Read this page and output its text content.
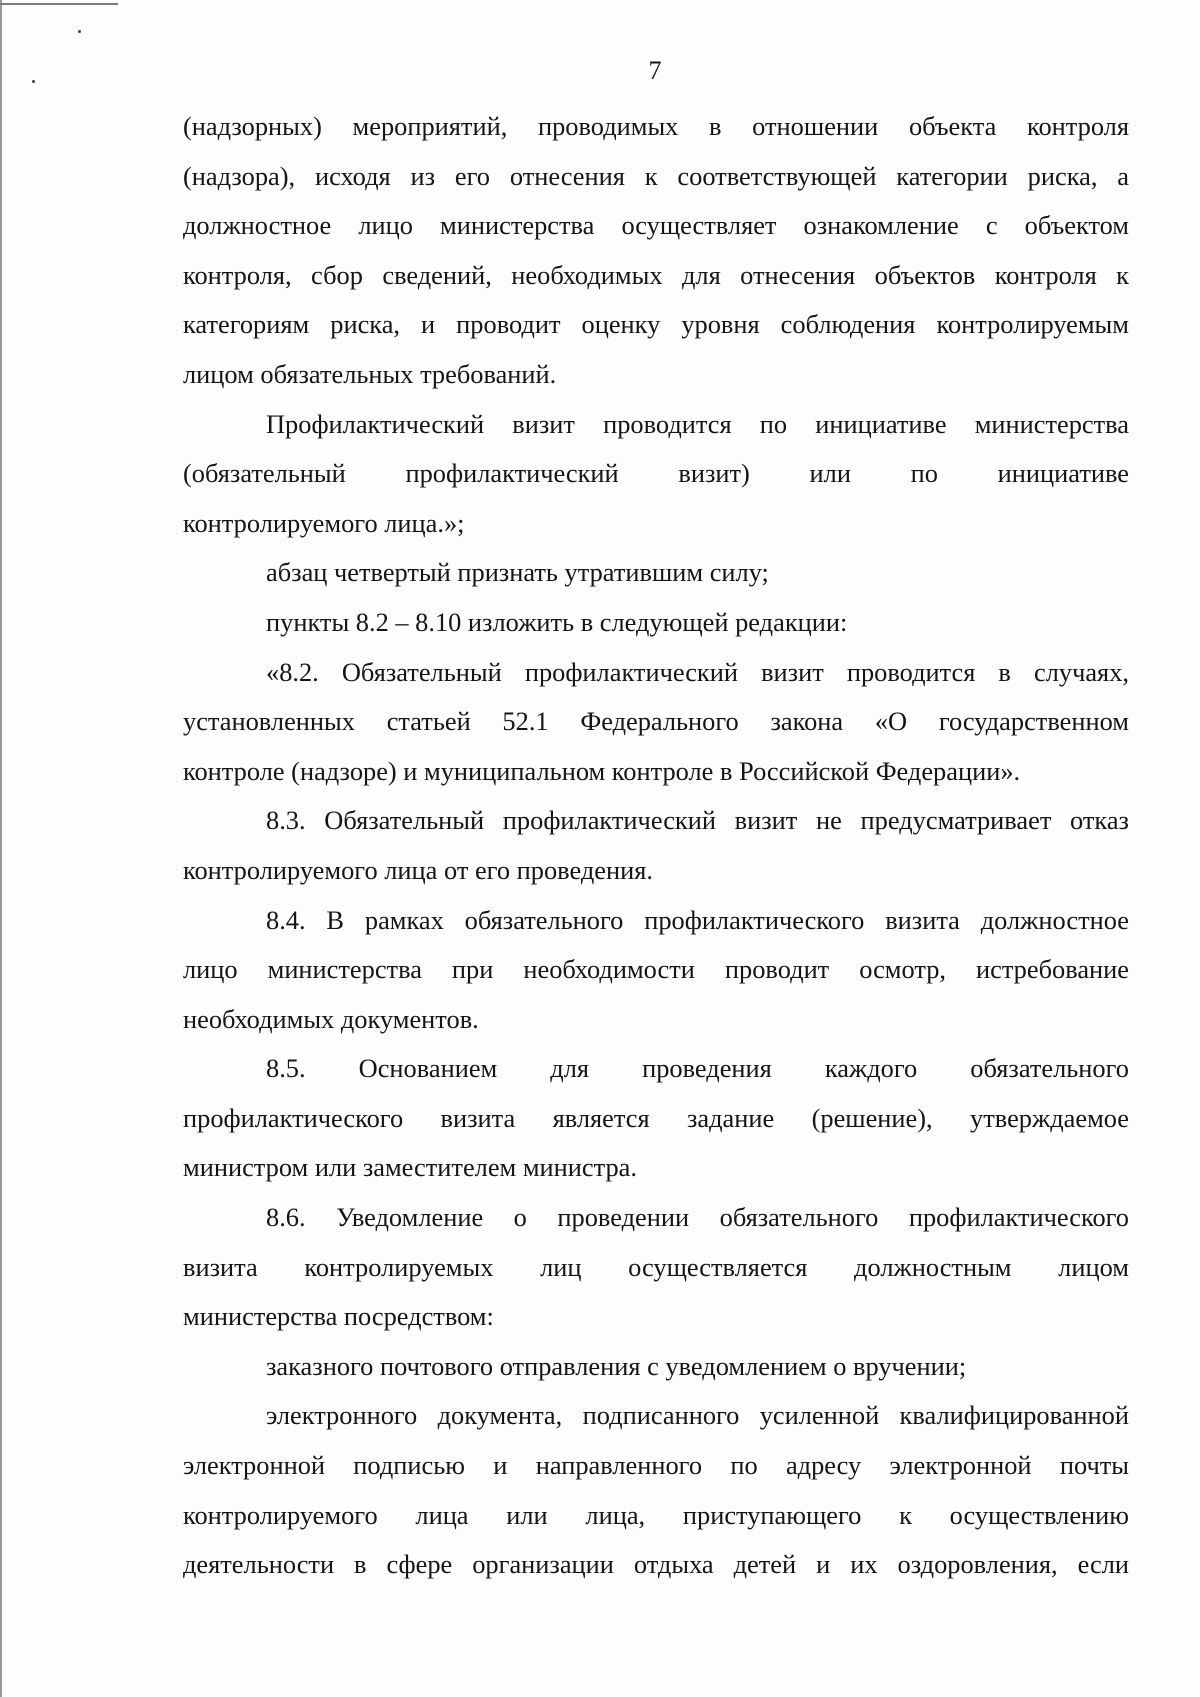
7
(надзорных) мероприятий, проводимых в отношении объекта контроля
(надзора), исходя из его отнесения к соответствующей категории риска, а
должностное лицо министерства осуществляет ознакомление с объектом
контроля, сбор сведений, необходимых для отнесения объектов контроля к
категориям риска, и проводит оценку уровня соблюдения контролируемым
лицом обязательных требований.
Профилактический визит проводится по инициативе министерства
(обязательный профилактический визит) или по инициативе
контролируемого лица.»;
абзац четвертый признать утратившим силу;
пункты 8.2 – 8.10 изложить в следующей редакции:
«8.2. Обязательный профилактический визит проводится в случаях,
установленных статьей 52.1 Федерального закона «О государственном
контроле (надзоре) и муниципальном контроле в Российской Федерации».
8.3. Обязательный профилактический визит не предусматривает отказ
контролируемого лица от его проведения.
8.4. В рамках обязательного профилактического визита должностное
лицо министерства при необходимости проводит осмотр, истребование
необходимых документов.
8.5. Основанием для проведения каждого обязательного
профилактического визита является задание (решение), утверждаемое
министром или заместителем министра.
8.6. Уведомление о проведении обязательного профилактического
визита контролируемых лиц осуществляется должностным лицом
министерства посредством:
заказного почтового отправления с уведомлением о вручении;
электронного документа, подписанного усиленной квалифицированной
электронной подписью и направленного по адресу электронной почты
контролируемого лица или лица, приступающего к осуществлению
деятельности в сфере организации отдыха детей и их оздоровления, если
